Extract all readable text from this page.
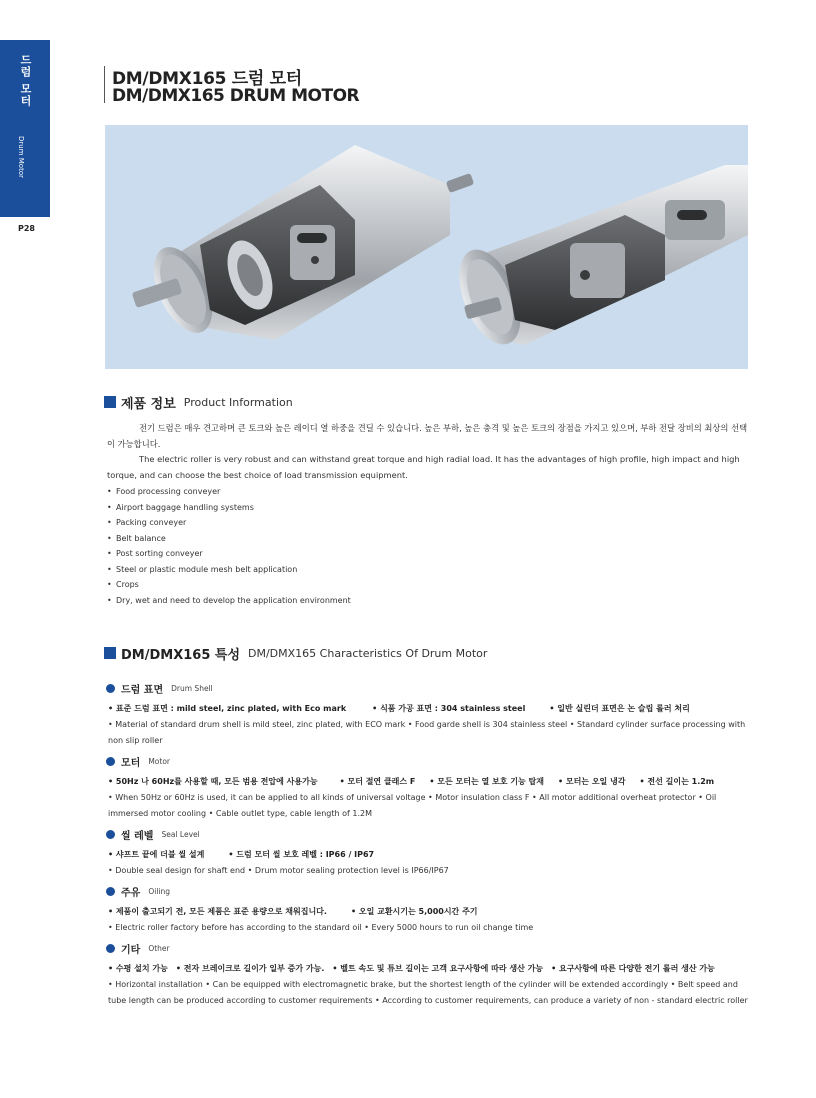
드럼 모터
Drum Motor
P28
DM/DMX165 드럼 모터
DM/DMX165 DRUM MOTOR
제품 정보 Product Information
전기 드럼은 매우 견고하며 큰 토크와 높은 레이디 열 하중을 견딜 수 있습니다. 높은 부하, 높은 충격 및 높은 토크의 장점을 가지고 있으며, 부하 전달 장비의 최상의 선택이 가능합니다.
The electric roller is very robust and can withstand great torque and high radial load. It has the advantages of high profile, high impact and high torque, and can choose the best choice of load transmission equipment.
• Food processing conveyer
• Airport baggage handling systems
• Packing conveyer
• Belt balance
• Post sorting conveyer
• Steel or plastic module mesh belt application
• Crops
• Dry, wet and need to develop the application environment
DM/DMX165 특성 DM/DMX165 Characteristics Of Drum Motor
드럼 표면 Drum Shell
• 표준 드럼 표면 : mild steel, zinc plated, with Eco mark	• 식품 가공 표면 : 304 stainless steel	• 일반 실린더 표면은 논 슬립 롤러 처리
• Material of standard drum shell is mild steel, zinc plated, with ECO mark • Food garde shell is 304 stainless steel • Standard cylinder surface processing with non slip roller
모터 Motor
• 50Hz 나 60Hz를 사용할 때, 모든 범용 전압에 사용가능	• 모터 절연 클래스 F • 모든 모터는 열 보호 기능 탑재 • 모터는 오일 냉각 • 전선 길이는 1.2m
• When 50Hz or 60Hz is used, it can be applied to all kinds of universal voltage • Motor insulation class F • All motor additional overheat protector • Oil immersed motor cooling • Cable outlet type, cable length of 1.2M
씰 레벨 Seal Level
• 샤프트 끝에 더블 씰 설계	• 드럼 모터 씰 보호 레벨 : IP66 / IP67
• Double seal design for shaft end • Drum motor sealing protection level is IP66/IP67
주유 Oiling
• 제품이 출고되기 전, 모든 제품은 표준 용량으로 채워집니다.	• 오일 교환시기는 5,000시간 주기
• Electric roller factory before has according to the standard oil • Every 5000 hours to run oil change time
기타 Other
• 수평 설치 가능 • 전자 브레이크로 길이가 일부 증가 가능. • 벨트 속도 및 튜브 길이는 고객 요구사항에 따라 생산 가능 • 요구사항에 따른 다양한 전기 롤러 생산 가능
• Horizontal installation • Can be equipped with electromagnetic brake, but the shortest length of the cylinder will be extended accordingly • Belt speed and tube length can be produced according to customer requirements • According to customer requirements, can produce a variety of non - standard electric roller
